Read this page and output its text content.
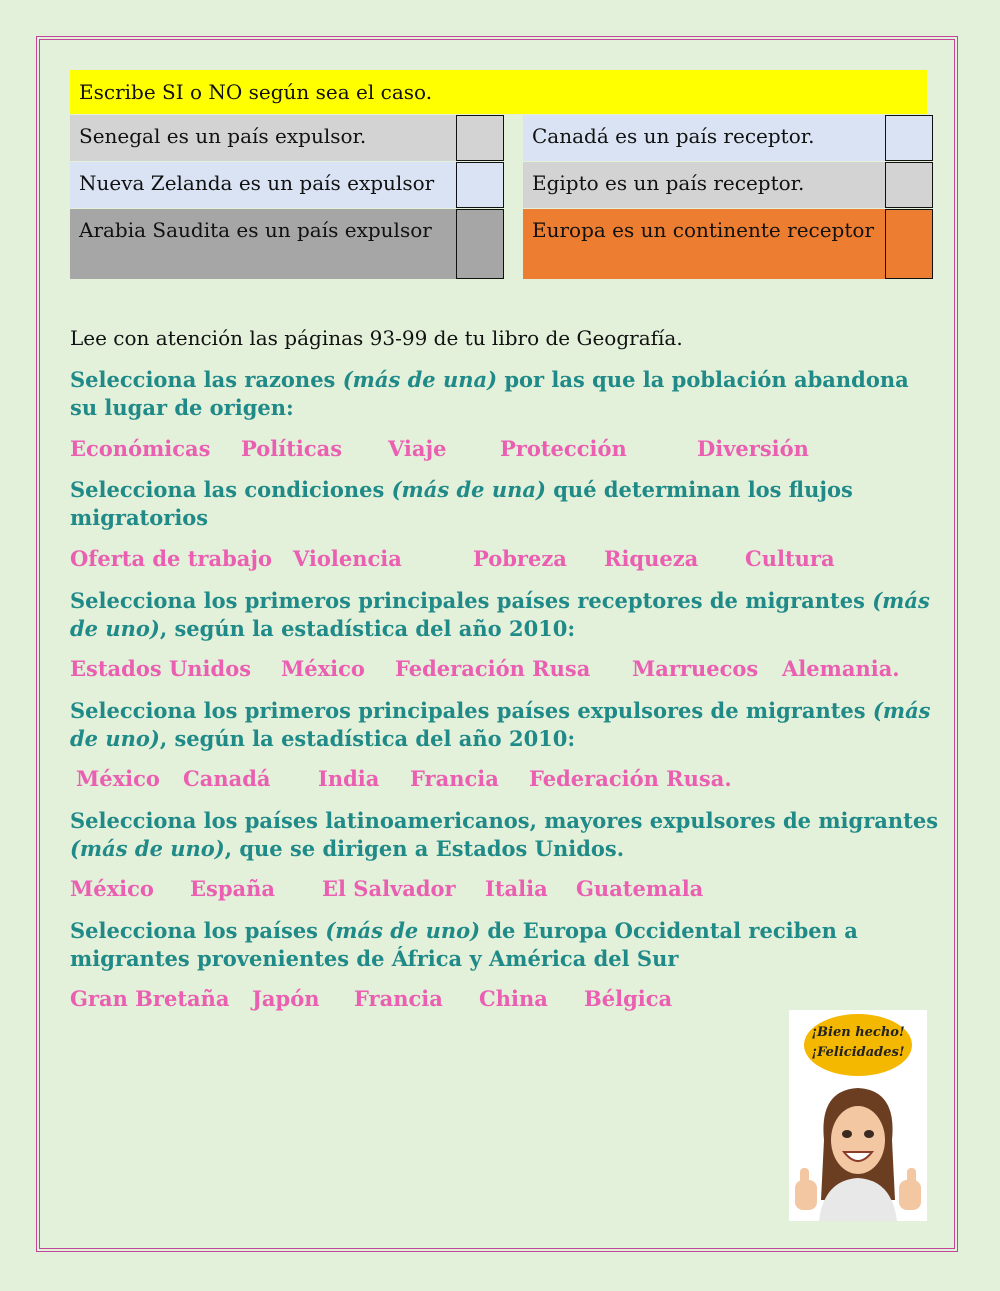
Escribe SI o NO según sea el caso.
Senegal es un país expulsor.
Nueva Zelanda es un país expulsor
Arabia Saudita es un país expulsor
Canadá es un país receptor.
Egipto es un país receptor.
Europa es un continente receptor
Lee con atención las páginas 93-99 de tu libro de Geografía.
Selecciona las razones (más de una) por las que la población abandona su lugar de origen:
Económicas Políticas Viaje	Protección	Diversión
Selecciona las condiciones (más de una) qué determinan los flujos migratorios
Oferta de trabajo Violencia	Pobreza Riqueza Cultura
Selecciona los primeros principales países receptores de migrantes (más de uno), según la estadística del año 2010:
Estados Unidos México Federación Rusa Marruecos Alemania.
Selecciona los primeros principales países expulsores de migrantes (más de uno), según la estadística del año 2010:
México Canadá India Francia Federación Rusa.
Selecciona los países latinoamericanos, mayores expulsores de migrantes (más de uno), que se dirigen a Estados Unidos.
México España El Salvador Italia Guatemala
Selecciona los países (más de uno) de Europa Occidental reciben a migrantes provenientes de África y América del Sur
Gran Bretaña Japón Francia China Bélgica
¡Bien hecho!
¡Felicidades!
